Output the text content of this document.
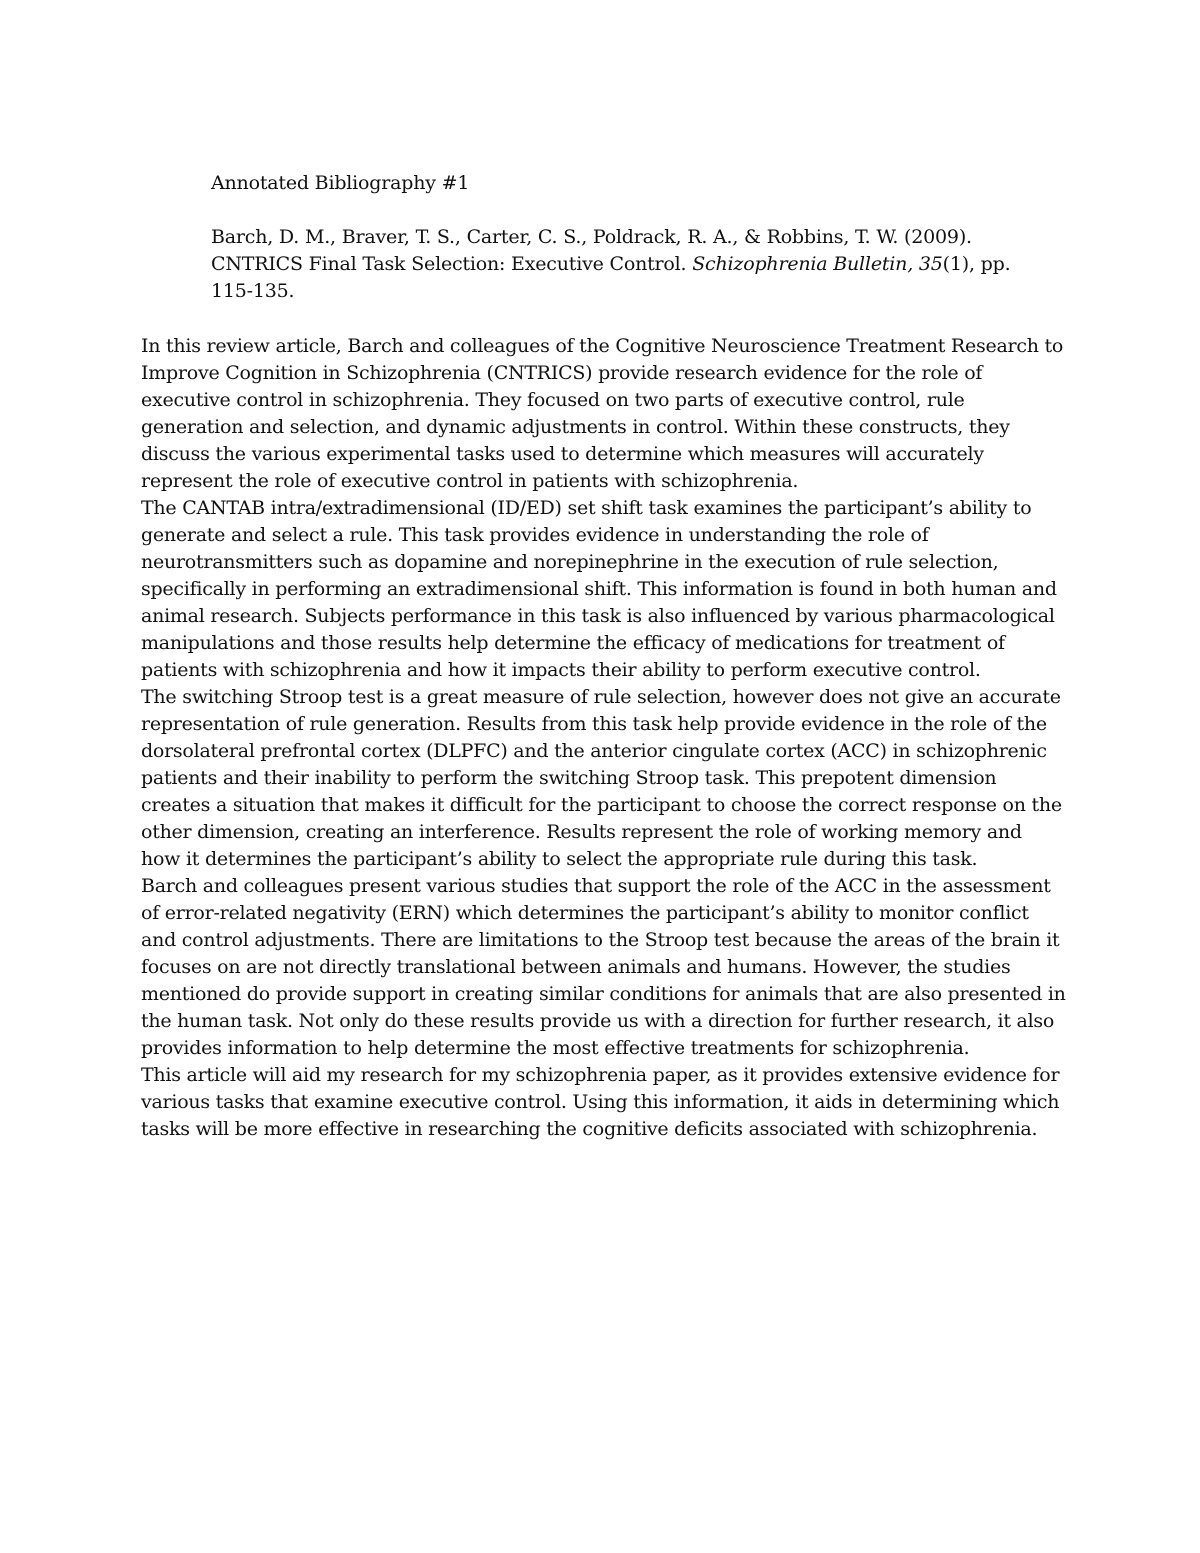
Annotated Bibliography #1

Barch, D. M., Braver, T. S., Carter, C. S., Poldrack, R. A., & Robbins, T. W. (2009). CNTRICS Final Task Selection: Executive Control. Schizophrenia Bulletin, 35(1), pp. 115-135.

In this review article, Barch and colleagues of the Cognitive Neuroscience Treatment Research to Improve Cognition in Schizophrenia (CNTRICS) provide research evidence for the role of executive control in schizophrenia. They focused on two parts of executive control, rule generation and selection, and dynamic adjustments in control. Within these constructs, they discuss the various experimental tasks used to determine which measures will accurately represent the role of executive control in patients with schizophrenia.

The CANTAB intra/extradimensional (ID/ED) set shift task examines the participant’s ability to generate and select a rule. This task provides evidence in understanding the role of neurotransmitters such as dopamine and norepinephrine in the execution of rule selection, specifically in performing an extradimensional shift. This information is found in both human and animal research. Subjects performance in this task is also influenced by various pharmacological manipulations and those results help determine the efficacy of medications for treatment of patients with schizophrenia and how it impacts their ability to perform executive control.

The switching Stroop test is a great measure of rule selection, however does not give an accurate representation of rule generation. Results from this task help provide evidence in the role of the dorsolateral prefrontal cortex (DLPFC) and the anterior cingulate cortex (ACC) in schizophrenic patients and their inability to perform the switching Stroop task. This prepotent dimension creates a situation that makes it difficult for the participant to choose the correct response on the other dimension, creating an interference. Results represent the role of working memory and how it determines the participant’s ability to select the appropriate rule during this task.

Barch and colleagues present various studies that support the role of the ACC in the assessment of error-related negativity (ERN) which determines the participant’s ability to monitor conflict and control adjustments. There are limitations to the Stroop test because the areas of the brain it focuses on are not directly translational between animals and humans. However, the studies mentioned do provide support in creating similar conditions for animals that are also presented in the human task. Not only do these results provide us with a direction for further research, it also provides information to help determine the most effective treatments for schizophrenia.

This article will aid my research for my schizophrenia paper, as it provides extensive evidence for various tasks that examine executive control. Using this information, it aids in determining which tasks will be more effective in researching the cognitive deficits associated with schizophrenia.
